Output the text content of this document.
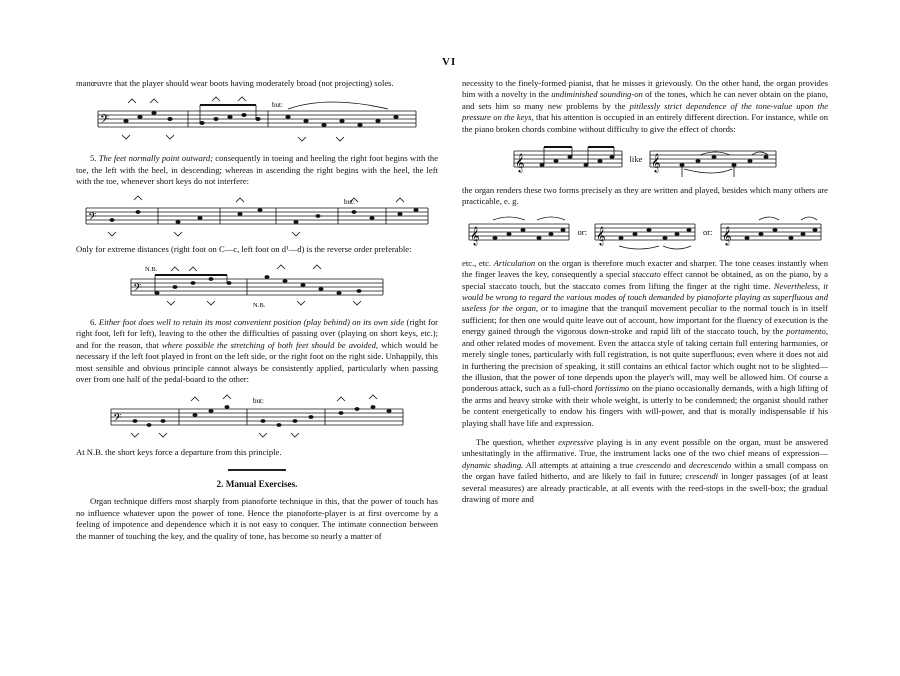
VI

manœuvre that the player should wear boots having moderately broad (not projecting) soles.

𝄢
but:

5. The feet normally point outward; consequently in toeing and heeling the right foot begins with the toe, the left with the heel, in descending; whereas in ascending the right begins with the heel, the left with the toe, whenever short keys do not interfere:

𝄢
but:

Only for extreme distances (right foot on C—c, left foot on d¹—d) is the reverse order preferable:

𝄢
N.B.
N.B.

6. Either foot does well to retain its most convenient position (play behind) on its own side (right for right foot, left for left), leaving to the other the difficulties of passing over (playing on short keys, etc.); and for the reason, that where possible the stretching of both feet should be avoided, which would be necessary if the left foot played in front on the left side, or the right foot on the right side. Unhappily, this most sensible and obvious principle cannot always be consistently applied, particularly when passing over from one half of the pedal-board to the other:

𝄢
but:

At N.B. the short keys force a departure from this principle.

2. Manual Exercises.

Organ technique differs most sharply from pianoforte technique in this, that the power of touch has no influence whatever upon the power of tone. Hence the pianoforte-player is at first overcome by a feeling of impotence and dependence which it is not easy to conquer. The intimate connection between the manner of touching the key, and the quality of tone, has become so nearly a matter of

necessity to the finely-formed pianist, that he misses it grievously. On the other hand, the organ provides him with a novelty in the undiminished sounding-on of the tones, which he can never obtain on the piano, and sets him so many new problems by the pitilessly strict dependence of the tone-value upon the pressure on the keys, that his attention is occupied in an entirely different direction. For instance, while on the piano broken chords combine without difficulty to give the effect of chords:

𝄞	like 𝄞

the organ renders these two forms precisely as they are written and played, besides which many others are practicable, e. g.

𝄞	or: 𝄞	or: 𝄞

etc., etc. Articulation on the organ is therefore much exacter and sharper. The tone ceases instantly when the finger leaves the key, consequently a special staccato effect cannot be obtained, as on the piano, by a special staccato touch, but the staccato comes from lifting the finger at the right time. Nevertheless, it would be wrong to regard the various modes of touch demanded by pianoforte playing as superfluous and useless for the organ, or to imagine that the tranquil movement peculiar to the normal touch is in itself sufficient; for then one would quite leave out of account, how important for the fluency of execution is the energy gained through the vigorous down-stroke and rapid lift of the staccato touch, by the portamento, and other related modes of movement. Even the attacca style of taking certain full entering harmonies, or merely single tones, particularly with full registration, is not quite superfluous; even where it does not aid in furthering the precision of speaking, it still contains an ethical factor which ought not to be slighted—the illusion, that the power of tone depends upon the player's will, may well be allowed him. Of course a ponderous attack, such as a full-chord fortissimo on the piano occasionally demands, with a high lifting of the arms and heavy stroke with their whole weight, is utterly to be condemned; the organist should rather be content energetically to endow his fingers with will-power, and that is morally indispensable if his playing shall have life and expression.

The question, whether expressive playing is in any event possible on the organ, must be answered unhesitatingly in the affirmative. True, the instrument lacks one of the two chief means of expression—dynamic shading. All attempts at attaining a true crescendo and decrescendo within a small compass on the organ have failed hitherto, and are likely to fail in future; crescendi in longer passages (of at least several measures) are already practicable, at all events with the reed-stops in the swell-box; the gradual drawing of more and
